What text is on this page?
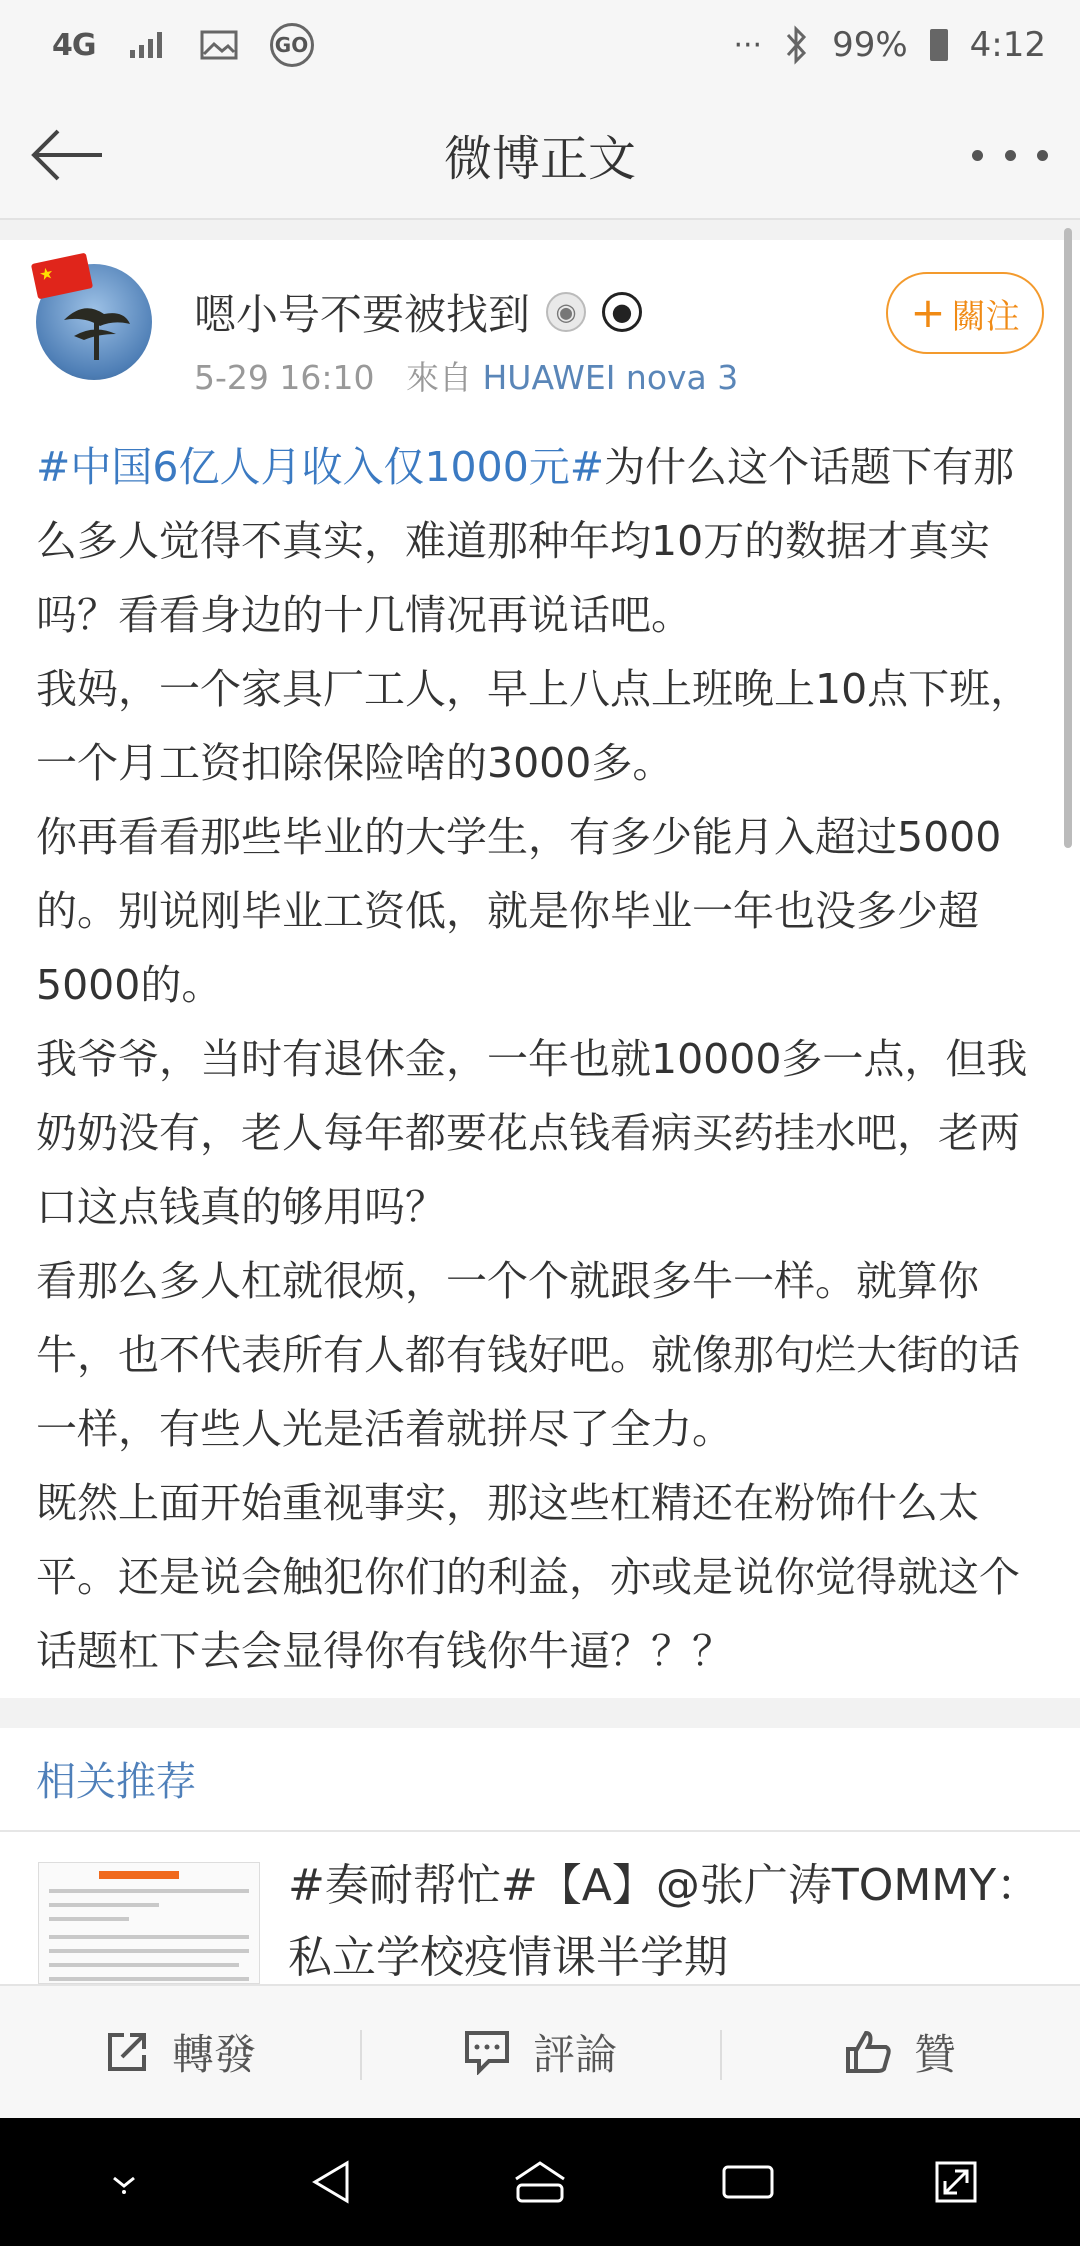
4G	GO	··· 99% 4:12
微博正文
★
嗯小号不要被找到	◉	●
5-29 16:10 來自 HUAWEI nova 3
+ 關注

#中国6亿人月收入仅1000元#为什么这个话题下有那么多人觉得不真实，难道那种年均10万的数据才真实吗？看看身边的十几情况再说话吧。

我妈，一个家具厂工人，早上八点上班晚上10点下班，一个月工资扣除保险啥的3000多。

你再看看那些毕业的大学生，有多少能月入超过5000的。别说刚毕业工资低，就是你毕业一年也没多少超5000的。

我爷爷，当时有退休金，一年也就10000多一点，但我奶奶没有，老人每年都要花点钱看病买药挂水吧，老两口这点钱真的够用吗？

看那么多人杠就很烦，一个个就跟多牛一样。就算你牛，也不代表所有人都有钱好吧。就像那句烂大街的话一样，有些人光是活着就拼尽了全力。

既然上面开始重视事实，那这些杠精还在粉饰什么太平。还是说会触犯你们的利益，亦或是说你觉得就这个话题杠下去会显得你有钱你牛逼？？？

相关推荐
#奏耐帮忙#【A】@张广涛TOMMY：私立学校疫情课半学期
轉發	評論	贊
